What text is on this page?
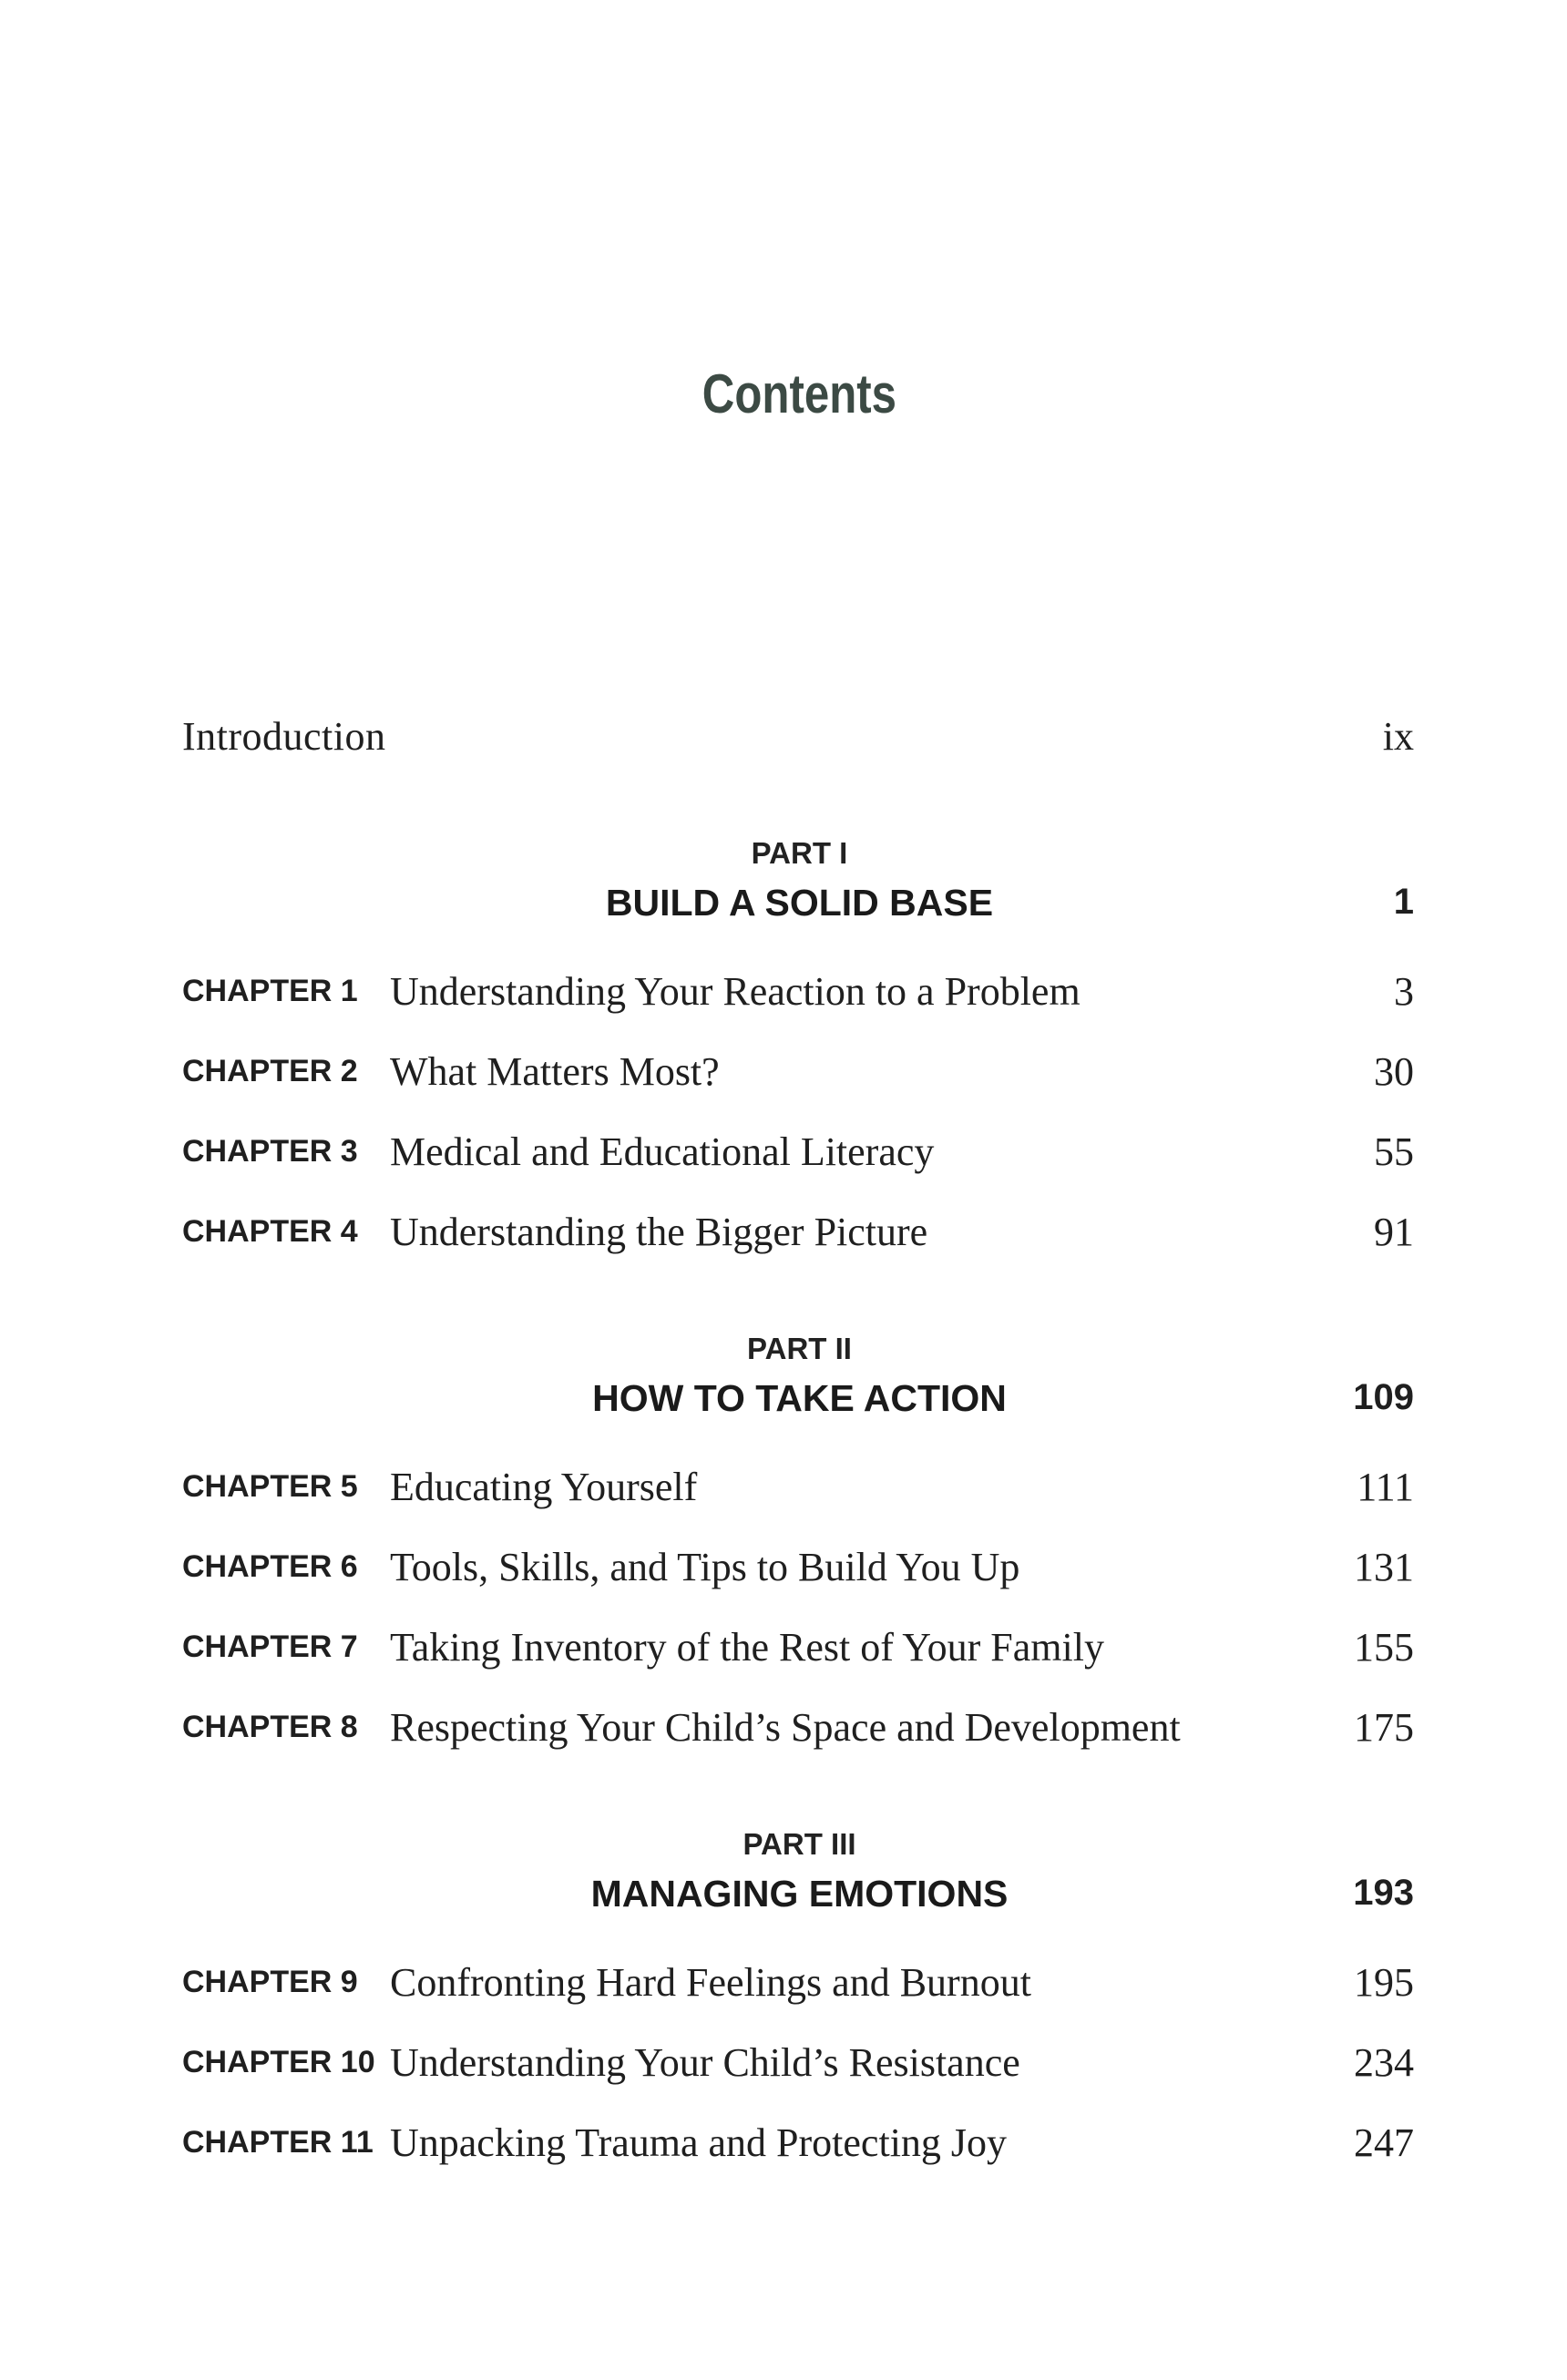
Contents
Introduction	ix
PART I
BUILD A SOLID BASE	1
CHAPTER 1 Understanding Your Reaction to a Problem	3
CHAPTER 2 What Matters Most?	30
CHAPTER 3 Medical and Educational Literacy	55
CHAPTER 4 Understanding the Bigger Picture	91
PART II
HOW TO TAKE ACTION	109
CHAPTER 5 Educating Yourself	111
CHAPTER 6 Tools, Skills, and Tips to Build You Up	131
CHAPTER 7 Taking Inventory of the Rest of Your Family	155
CHAPTER 8 Respecting Your Child’s Space and Development	175
PART III
MANAGING EMOTIONS	193
CHAPTER 9 Confronting Hard Feelings and Burnout	195
CHAPTER 10 Understanding Your Child’s Resistance	234
CHAPTER 11 Unpacking Trauma and Protecting Joy	247
